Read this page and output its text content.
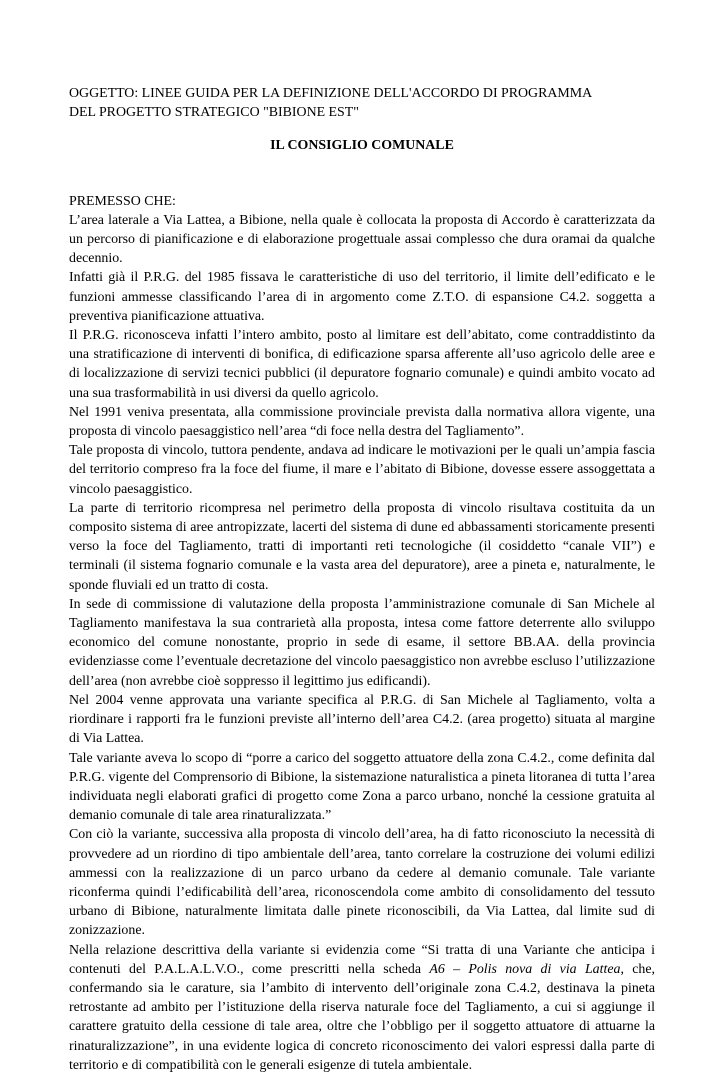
OGGETTO: LINEE GUIDA PER LA DEFINIZIONE DELL'ACCORDO DI PROGRAMMA

DEL PROGETTO STRATEGICO "BIBIONE EST"

IL CONSIGLIO COMUNALE

PREMESSO CHE:

L’area laterale a Via Lattea, a Bibione, nella quale è collocata la proposta di Accordo è caratterizzata da un percorso di pianificazione e di elaborazione progettuale assai complesso che dura oramai da qualche decennio.

Infatti già il P.R.G. del 1985 fissava le caratteristiche di uso del territorio, il limite dell’edificato e le funzioni ammesse classificando l’area di in argomento come Z.T.O. di espansione C4.2. soggetta a preventiva pianificazione attuativa.

Il P.R.G. riconosceva infatti l’intero ambito, posto al limitare est dell’abitato, come contraddistinto da una stratificazione di interventi di bonifica, di edificazione sparsa afferente all’uso agricolo delle aree e di localizzazione di servizi tecnici pubblici (il depuratore fognario comunale) e quindi ambito vocato ad una sua trasformabilità in usi diversi da quello agricolo.

Nel 1991 veniva presentata, alla commissione provinciale prevista dalla normativa allora vigente, una proposta di vincolo paesaggistico nell’area “di foce nella destra del Tagliamento”.

Tale proposta di vincolo, tuttora pendente, andava ad indicare le motivazioni per le quali un’ampia fascia del territorio compreso fra la foce del fiume, il mare e l’abitato di Bibione, dovesse essere assoggettata a vincolo paesaggistico.

La parte di territorio ricompresa nel perimetro della proposta di vincolo risultava costituita da un composito sistema di aree antropizzate, lacerti del sistema di dune ed abbassamenti storicamente presenti verso la foce del Tagliamento, tratti di importanti reti tecnologiche (il cosiddetto “canale VII”) e terminali (il sistema fognario comunale e la vasta area del depuratore), aree a pineta e, naturalmente, le sponde fluviali ed un tratto di costa.

In sede di commissione di valutazione della proposta l’amministrazione comunale di San Michele al Tagliamento manifestava la sua contrarietà alla proposta, intesa come fattore deterrente allo sviluppo economico del comune nonostante, proprio in sede di esame, il settore BB.AA. della provincia evidenziasse come l’eventuale decretazione del vincolo paesaggistico non avrebbe escluso l’utilizzazione dell’area (non avrebbe cioè soppresso il legittimo jus edificandi).

Nel 2004 venne approvata una variante specifica al P.R.G. di San Michele al Tagliamento, volta a riordinare i rapporti fra le funzioni previste all’interno dell’area C4.2. (area progetto) situata al margine di Via Lattea.

Tale variante aveva lo scopo di “porre a carico del soggetto attuatore della zona C.4.2., come definita dal P.R.G. vigente del Comprensorio di Bibione, la sistemazione naturalistica a pineta litoranea di tutta l’area individuata negli elaborati grafici di progetto come Zona a parco urbano, nonché la cessione gratuita al demanio comunale di tale area rinaturalizzata.”

Con ciò la variante, successiva alla proposta di vincolo dell’area, ha di fatto riconosciuto la necessità di provvedere ad un riordino di tipo ambientale dell’area, tanto correlare la costruzione dei volumi edilizi ammessi con la realizzazione di un parco urbano da cedere al demanio comunale. Tale variante riconferma quindi l’edificabilità dell’area, riconoscendola come ambito di consolidamento del tessuto urbano di Bibione, naturalmente limitata dalle pinete riconoscibili, da Via Lattea, dal limite sud di zonizzazione.

Nella relazione descrittiva della variante si evidenzia come “Si tratta di una Variante che anticipa i contenuti del P.A.L.A.L.V.O., come prescritti nella scheda A6 – Polis nova di via Lattea, che, confermando sia le carature, sia l’ambito di intervento dell’originale zona C.4.2, destinava la pineta retrostante ad ambito per l’istituzione della riserva naturale foce del Tagliamento, a cui si aggiunge il carattere gratuito della cessione di tale area, oltre che l’obbligo per il soggetto attuatore di attuarne la rinaturalizzazione”, in una evidente logica di concreto riconoscimento dei valori espressi dalla parte di territorio e di compatibilità con le generali esigenze di tutela ambientale.
